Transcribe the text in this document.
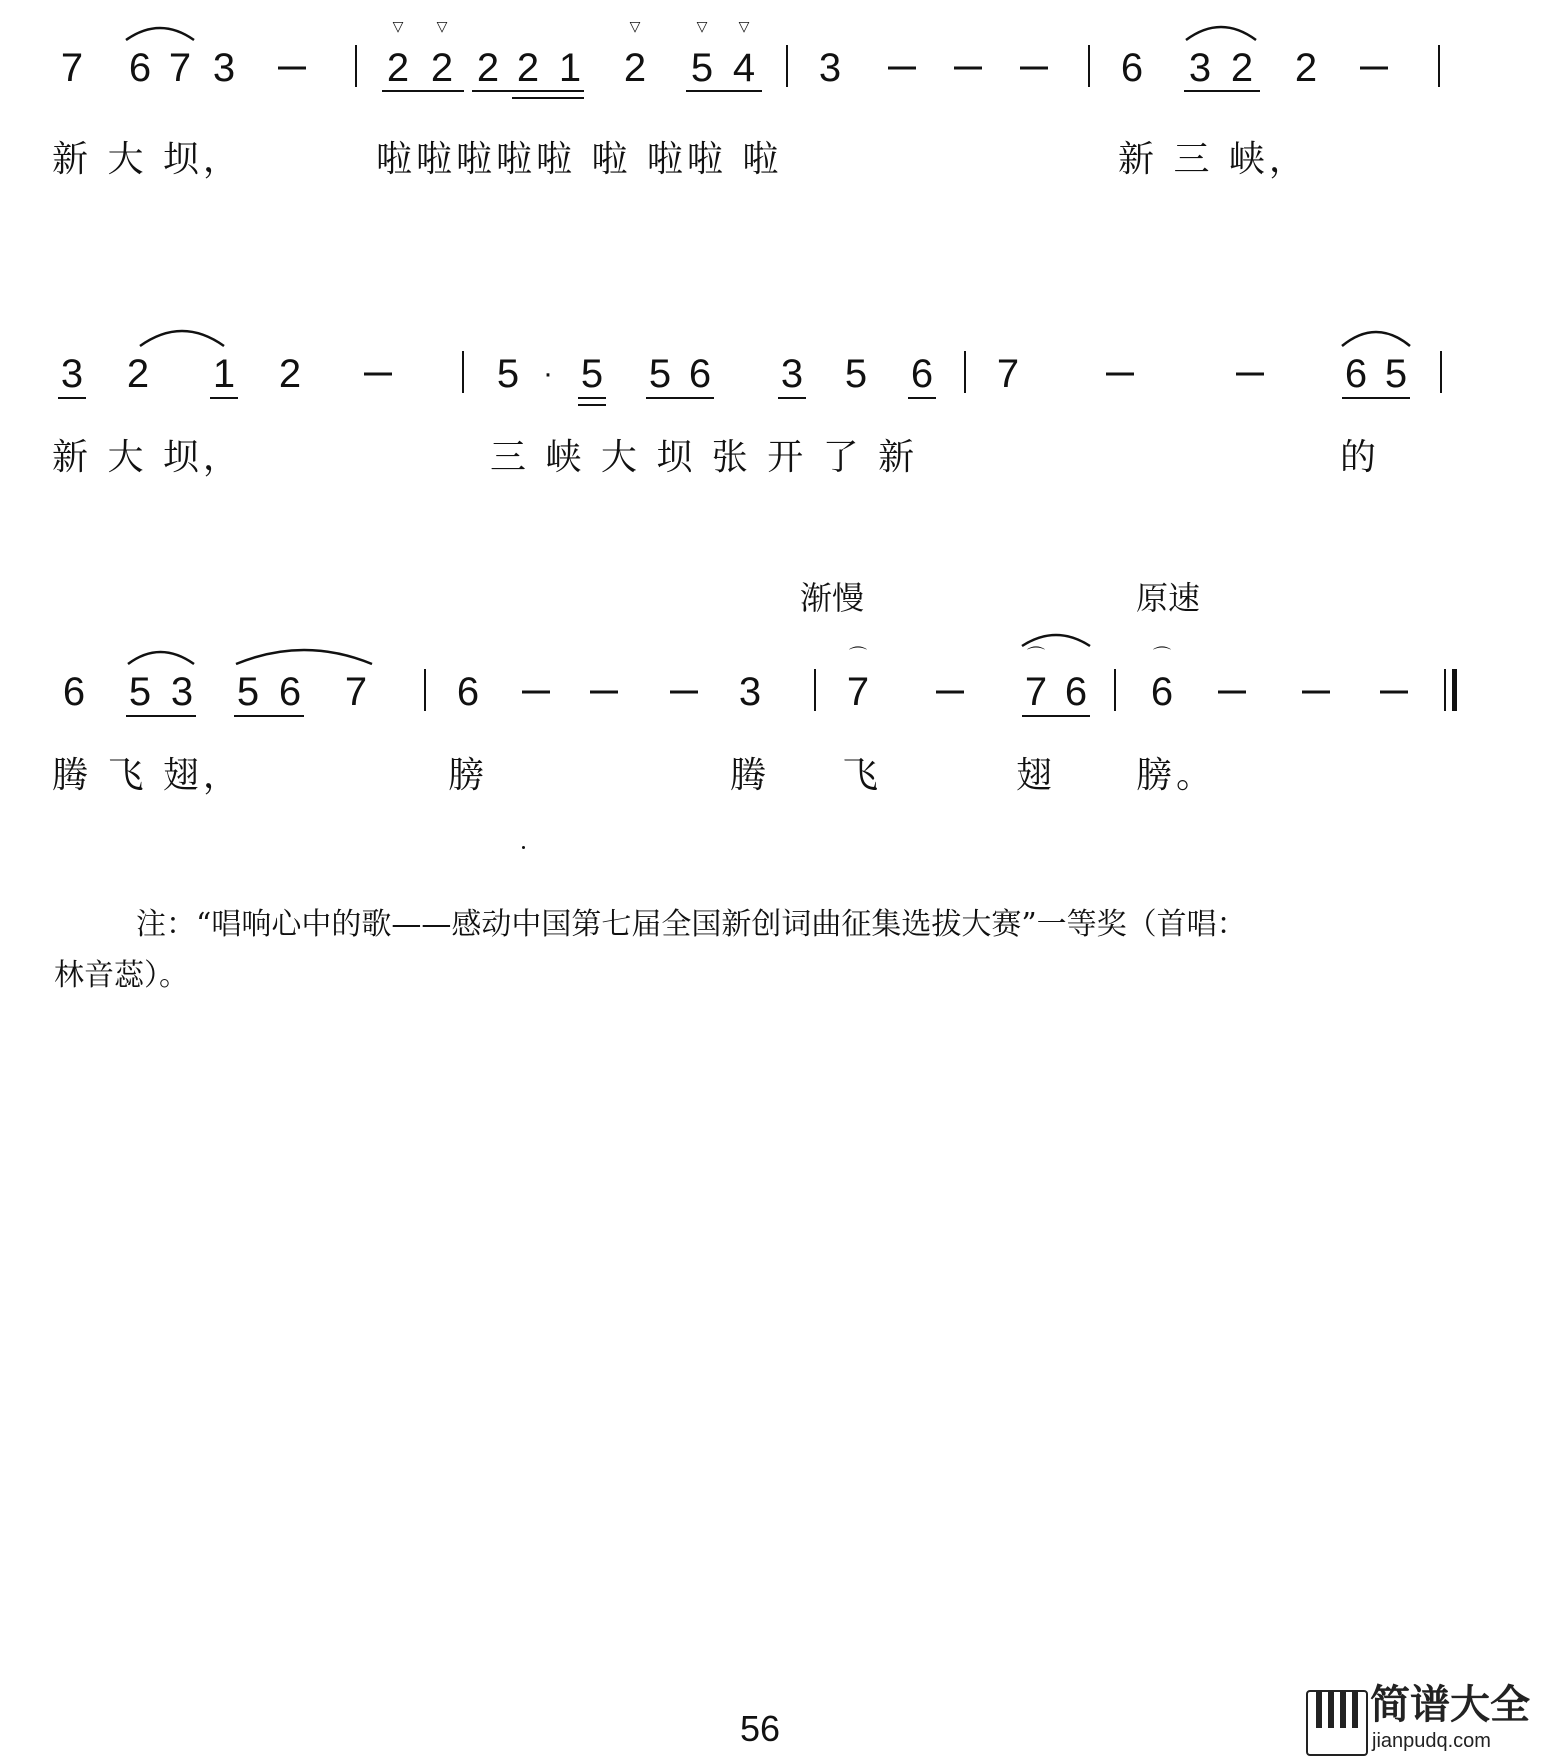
7 6 7 3
▽ ▽
2 2 2 2 1
▽
2
▽ ▽
5 4 3	6 3 2 2
新 大 坝，	啦啦啦啦啦 啦 啦啦 啦	新 三 峡，
3 2 1 2	5 · 5 5 6 3 5 6 7	6 5
新 大 坝，	三 峡 大 坝 张 开 了 新	的
渐慢	原速
6 5 3 5 6 7 6	3
⌒
7
⌒
7 6
⌒
6
腾 飞 翅，	膀	腾 飞	翅 膀。
注：“唱响心中的歌——感动中国第七届全国新创词曲征集选拔大赛”一等奖（首唱：
林音蕊）。
56
简谱大全
jianpudq.com
